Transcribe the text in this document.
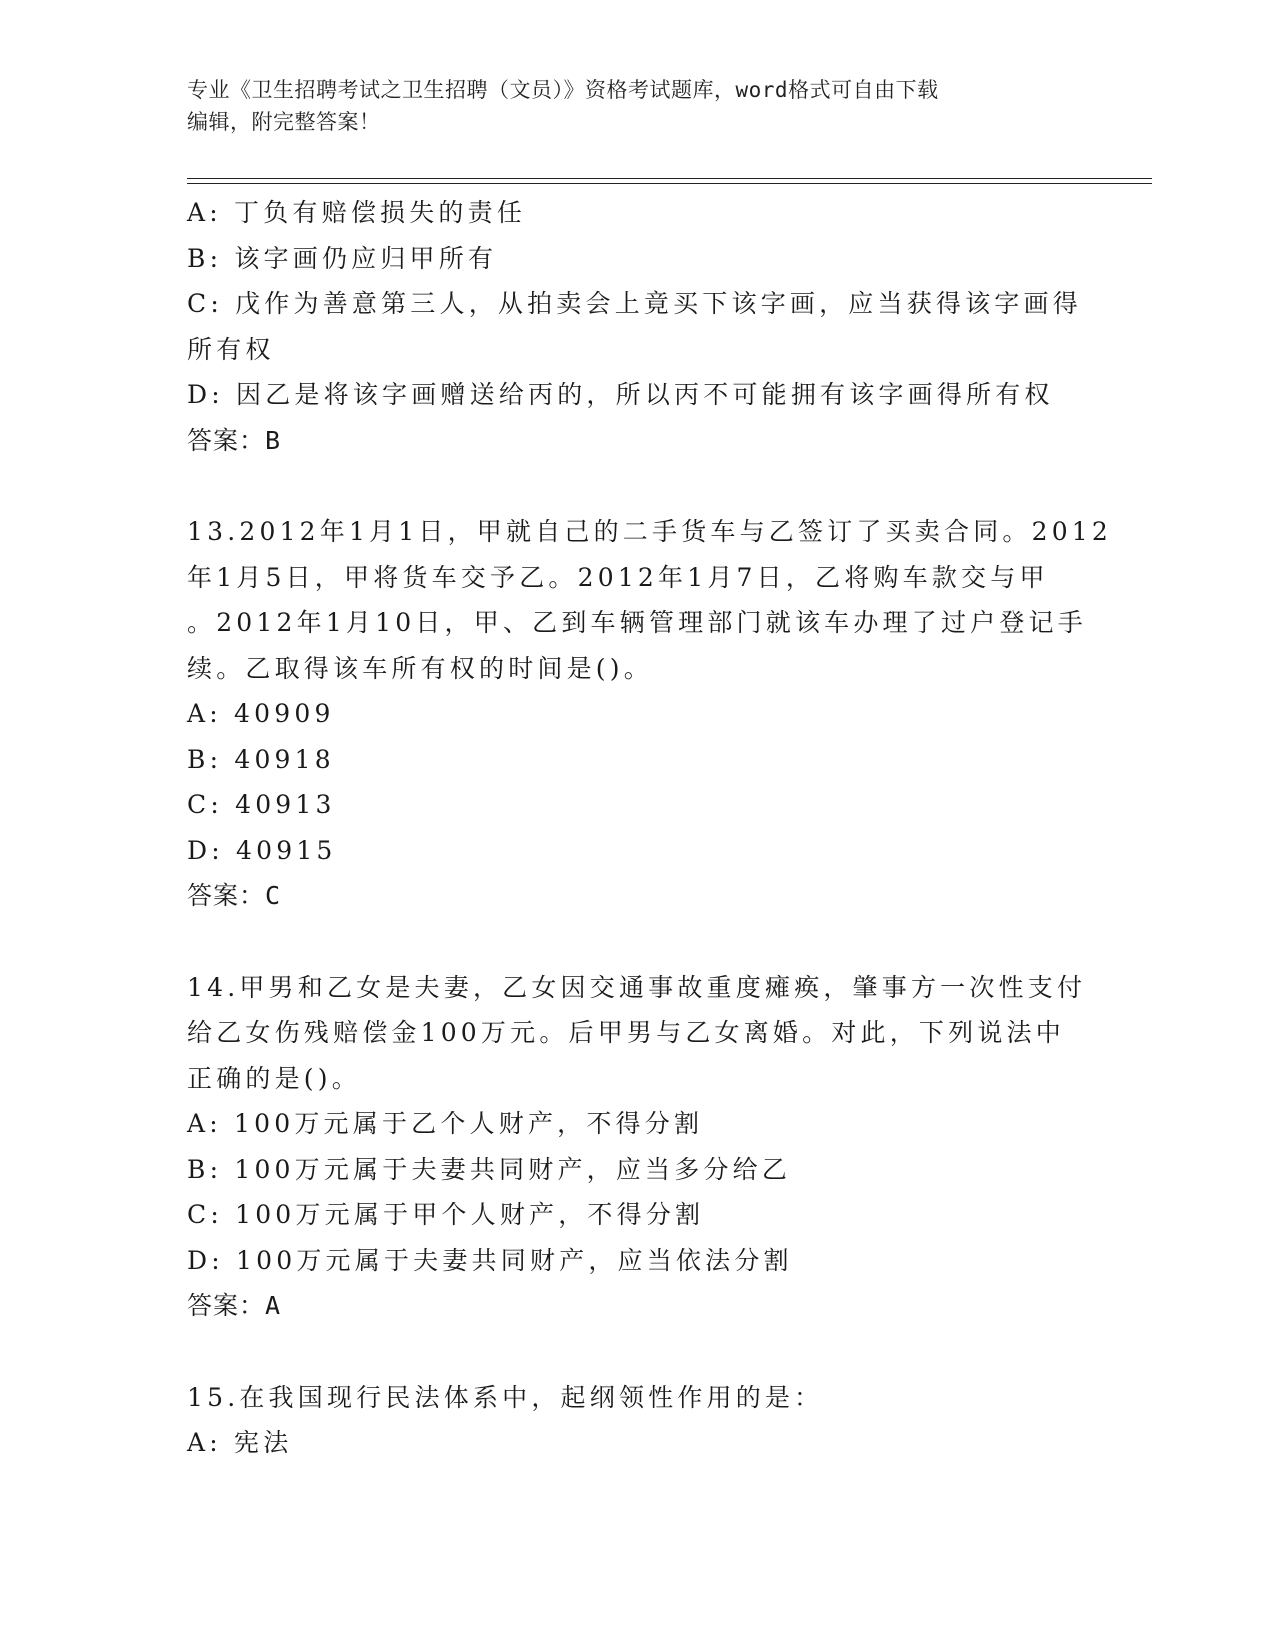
专业《卫生招聘考试之卫生招聘（文员）》资格考试题库，word格式可自由下载
编辑，附完整答案！
A: 丁负有赔偿损失的责任
B: 该字画仍应归甲所有
C: 戊作为善意第三人，从拍卖会上竟买下该字画，应当获得该字画得
所有权
D: 因乙是将该字画赠送给丙的，所以丙不可能拥有该字画得所有权
答案：B
13.2012年1月1日，甲就自己的二手货车与乙签订了买卖合同。2012
年1月5日，甲将货车交予乙。2012年1月7日，乙将购车款交与甲
。2012年1月10日，甲、乙到车辆管理部门就该车办理了过户登记手
续。乙取得该车所有权的时间是()。
A: 40909
B: 40918
C: 40913
D: 40915
答案：C
14.甲男和乙女是夫妻，乙女因交通事故重度瘫痪，肇事方一次性支付
给乙女伤残赔偿金100万元。后甲男与乙女离婚。对此，下列说法中
正确的是()。
A: 100万元属于乙个人财产，不得分割
B: 100万元属于夫妻共同财产，应当多分给乙
C: 100万元属于甲个人财产，不得分割
D: 100万元属于夫妻共同财产，应当依法分割
答案：A
15.在我国现行民法体系中，起纲领性作用的是：
A: 宪法
